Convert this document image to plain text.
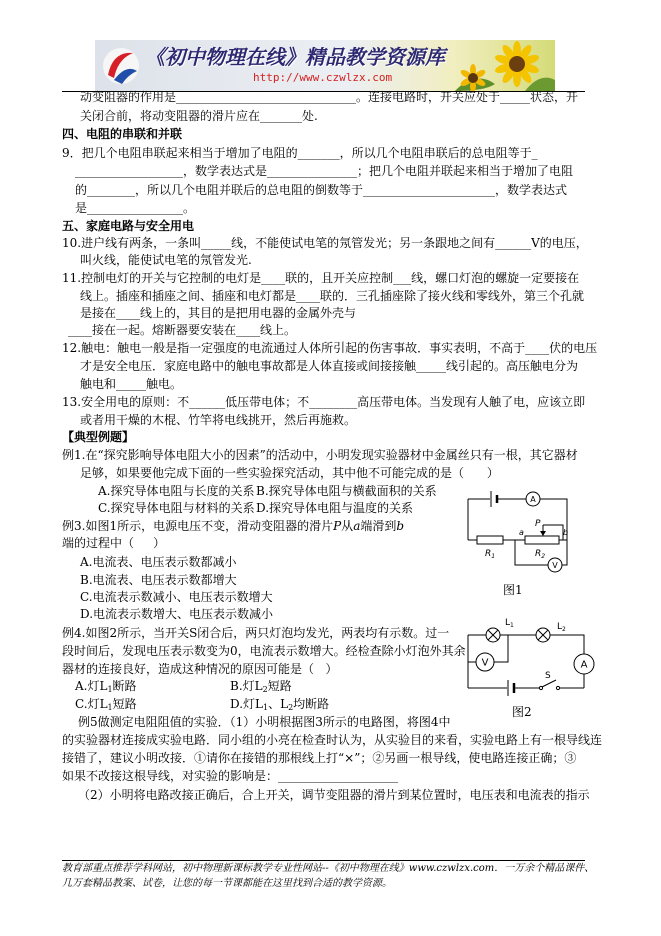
《初中物理在线》精品教学资源库
http://www.czwlzx.com
动变阻器的作用是______________________________。连接电路时，开关应处于_____状态，开
关闭合前，将动变阻器的滑片应在_______处.
四、电阻的串联和并联
9．把几个电阻串联起来相当于增加了电阻的_______，所以几个电阻串联后的总电阻等于_
__________________，数学表达式是_______________；把几个电阻并联起来相当于增加了电阻
的________，所以几个电阻并联后的总电阻的倒数等于______________________，数学表达式
是________________。
五、家庭电路与安全用电
10.进户线有两条，一条叫_____线，不能使试电笔的氖管发光；另一条跟地之间有______V的电压，
叫火线，能使试电笔的氖管发光.
11.控制电灯的开关与它控制的电灯是____联的，且开关应控制___线，螺口灯泡的螺旋一定要接在
线上。插座和插座之间、插座和电灯都是____联的．三孔插座除了接火线和零线外，第三个孔就
是接在____线上的，其目的是把用电器的金属外壳与
____接在一起。熔断器要安装在____线上。
12.触电：触电一般是指一定强度的电流通过人体所引起的伤害事故．事实表明，不高于____伏的电压
才是安全电压．家庭电路中的触电事故都是人体直接或间接接触_____线引起的。高压触电分为
触电和_____触电。
13.安全用电的原则：不______低压带电体；不________高压带电体。当发现有人触了电，应该立即
或者用干燥的木棍、竹竿将电线挑开，然后再施救。
【典型例题】
例1.在“探究影响导体电阻大小的因素”的活动中，小明发现实验器材中金属丝只有一根，其它器材
足够，如果要他完成下面的一些实验探究活动，其中他不可能完成的是（      ）
A.探究导体电阻与长度的关系 B.探究导体电阻与横截面积的关系
C.探究导体电阻与材料的关系 D.探究导体电阻与温度的关系
例3.如图1所示，电源电压不变，滑动变阻器的滑片P从a端滑到b
端的过程中（     ）
A.电流表、电压表示数都减小
B.电流表、电压表示数都增大
C.电流表示数减小、电压表示数增大
D.电流表示数增大、电压表示数减小
A
V
P
a	b
$R_1$	$R_2$
图1
例4.如图2所示，当开关S闭合后，两只灯泡均发光，两表均有示数。过一
段时间后，发现电压表示数变为0，电流表示数增大。经检查除小灯泡外其余
器材的连接良好，造成这种情况的原因可能是（   ）
A.灯$L_1$断路	B.灯$L_2$短路
C.灯$L_1$短路	D.灯$L_1$、$L_2$均断路
V	A
S
$L_1$	$L_2$
图2
例5做测定电阻阻值的实验．（1）小明根据图3所示的电路图，将图4中
的实验器材连接成实验电路．同小组的小亮在检查时认为，从实验目的来看，实验电路上有一根导线连
接错了，建议小明改接．①请你在接错的那根线上打“×”；②另画一根导线，使电路连接正确；③
如果不改接这根导线，对实验的影响是：____________________
（2）小明将电路改接正确后，合上开关，调节变阻器的滑片到某位置时，电压表和电流表的指示
教育部重点推荐学科网站，初中物理新课标教学专业性网站--《初中物理在线》www.czwlzx.com．一万余个精品课件、
几万套精品教案、试卷，让您的每一节课都能在这里找到合适的教学资源。
